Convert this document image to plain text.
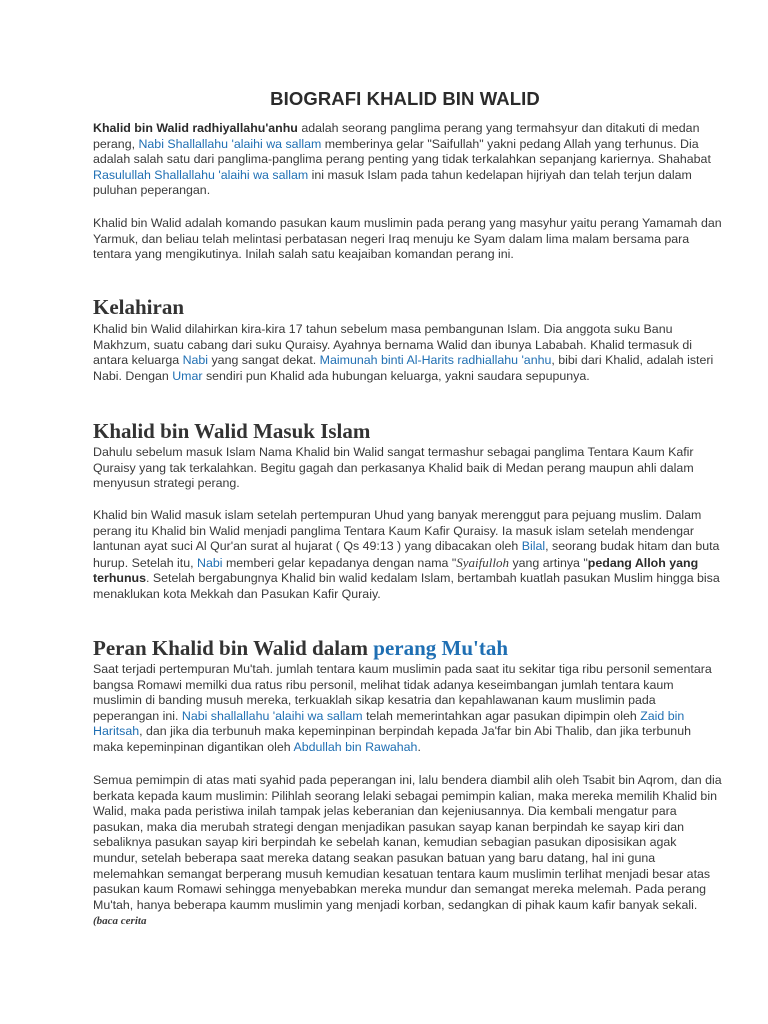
BIOGRAFI KHALID BIN WALID

Khalid bin Walid radhiyallahu'anhu adalah seorang panglima perang yang termahsyur dan ditakuti di medan perang, Nabi Shallallahu 'alaihi wa sallam memberinya gelar "Saifullah" yakni pedang Allah yang terhunus. Dia adalah salah satu dari panglima-panglima perang penting yang tidak terkalahkan sepanjang kariernya. Shahabat Rasulullah Shallallahu 'alaihi wa sallam ini masuk Islam pada tahun kedelapan hijriyah dan telah terjun dalam puluhan peperangan.

Khalid bin Walid adalah komando pasukan kaum muslimin pada perang yang masyhur yaitu perang Yamamah dan Yarmuk, dan beliau telah melintasi perbatasan negeri Iraq menuju ke Syam dalam lima malam bersama para tentara yang mengikutinya. Inilah salah satu keajaiban komandan perang ini.

Kelahiran

Khalid bin Walid dilahirkan kira-kira 17 tahun sebelum masa pembangunan Islam. Dia anggota suku Banu Makhzum, suatu cabang dari suku Quraisy. Ayahnya bernama Walid dan ibunya Lababah. Khalid termasuk di antara keluarga Nabi yang sangat dekat. Maimunah binti Al-Harits radhiallahu 'anhu, bibi dari Khalid, adalah isteri Nabi. Dengan Umar sendiri pun Khalid ada hubungan keluarga, yakni saudara sepupunya.

Khalid bin Walid Masuk Islam

Dahulu sebelum masuk Islam Nama Khalid bin Walid sangat termashur sebagai panglima Tentara Kaum Kafir Quraisy yang tak terkalahkan. Begitu gagah dan perkasanya Khalid baik di Medan perang maupun ahli dalam menyusun strategi perang.

Khalid bin Walid masuk islam setelah pertempuran Uhud yang banyak merenggut para pejuang muslim. Dalam perang itu Khalid bin Walid menjadi panglima Tentara Kaum Kafir Quraisy. Ia masuk islam setelah mendengar lantunan ayat suci Al Qur'an surat al hujarat ( Qs 49:13 ) yang dibacakan oleh Bilal, seorang budak hitam dan buta hurup. Setelah itu, Nabi memberi gelar kepadanya dengan nama "Syaifulloh yang artinya "pedang Alloh yang terhunus. Setelah bergabungnya Khalid bin walid kedalam Islam, bertambah kuatlah pasukan Muslim hingga bisa menaklukan kota Mekkah dan Pasukan Kafir Quraiy.

Peran Khalid bin Walid dalam perang Mu'tah

Saat terjadi pertempuran Mu'tah. jumlah tentara kaum muslimin pada saat itu sekitar tiga ribu personil sementara bangsa Romawi memilki dua ratus ribu personil, melihat tidak adanya keseimbangan jumlah tentara kaum muslimin di banding musuh mereka, terkuaklah sikap kesatria dan kepahlawanan kaum muslimin pada peperangan ini. Nabi shallallahu 'alaihi wa sallam telah memerintahkan agar pasukan dipimpin oleh Zaid bin Haritsah, dan jika dia terbunuh maka kepeminpinan berpindah kepada Ja'far bin Abi Thalib, dan jika terbunuh maka kepeminpinan digantikan oleh Abdullah bin Rawahah.

Semua pemimpin di atas mati syahid pada peperangan ini, lalu bendera diambil alih oleh Tsabit bin Aqrom, dan dia berkata kepada kaum muslimin: Pilihlah seorang lelaki sebagai pemimpin kalian, maka mereka memilih Khalid bin Walid, maka pada peristiwa inilah tampak jelas keberanian dan kejeniusannya. Dia kembali mengatur para pasukan, maka dia merubah strategi dengan menjadikan pasukan sayap kanan berpindah ke sayap kiri dan sebaliknya pasukan sayap kiri berpindah ke sebelah kanan, kemudian sebagian pasukan diposisikan agak mundur, setelah beberapa saat mereka datang seakan pasukan batuan yang baru datang, hal ini guna melemahkan semangat berperang musuh kemudian kesatuan tentara kaum muslimin terlihat menjadi besar atas pasukan kaum Romawi sehingga menyebabkan mereka mundur dan semangat mereka melemah. Pada perang Mu'tah, hanya beberapa kaumm muslimin yang menjadi korban, sedangkan di pihak kaum kafir banyak sekali. (baca cerita
